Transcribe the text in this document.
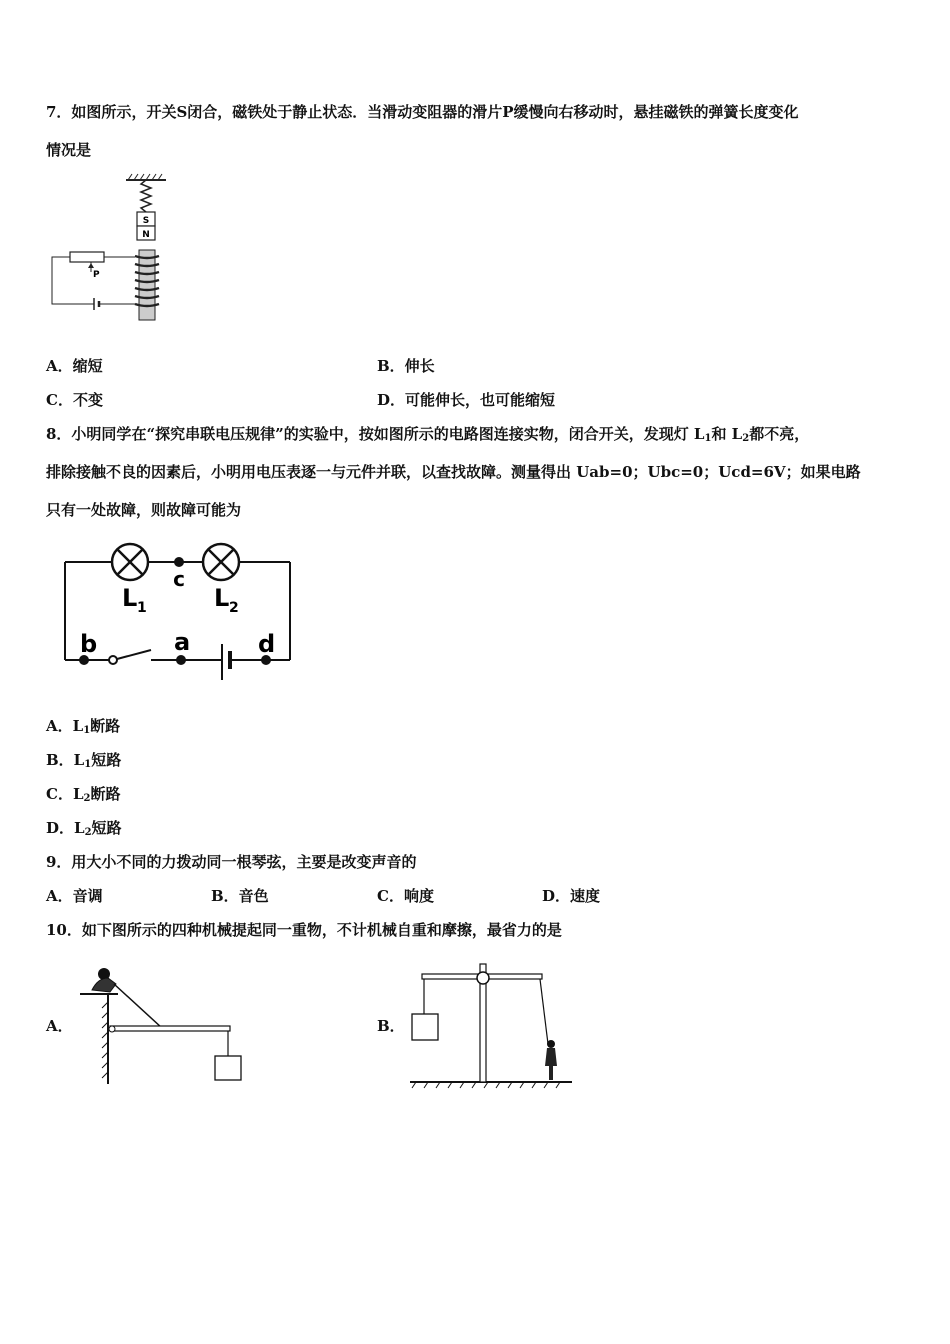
7．如图所示，开关S闭合，磁铁处于静止状态．当滑动变阻器的滑片P缓慢向右移动时，悬挂磁铁的弹簧长度变化
情况是
S
N
P
A．缩短	B．伸长
C．不变	D．可能伸长，也可能缩短
8．小明同学在“探究串联电压规律”的实验中，按如图所示的电路图连接实物，闭合开关，发现灯 $L_1$和 $L_2$都不亮，
排除接触不良的因素后，小明用电压表逐一与元件并联，以查找故障。测量得出 Uab=0；Ubc=0；Ucd=6V；如果电路
只有一处故障，则故障可能为
c
L 1	L 2
b	a	d
A．$L_1$断路
B．$L_1$短路
C．$L_2$断路
D．$L_2$短路
9．用大小不同的力拨动同一根琴弦，主要是改变声音的
A．音调	B．音色	C．响度	D．速度
10．如下图所示的四种机械提起同一重物，不计机械自重和摩擦，最省力的是
A．	B．
